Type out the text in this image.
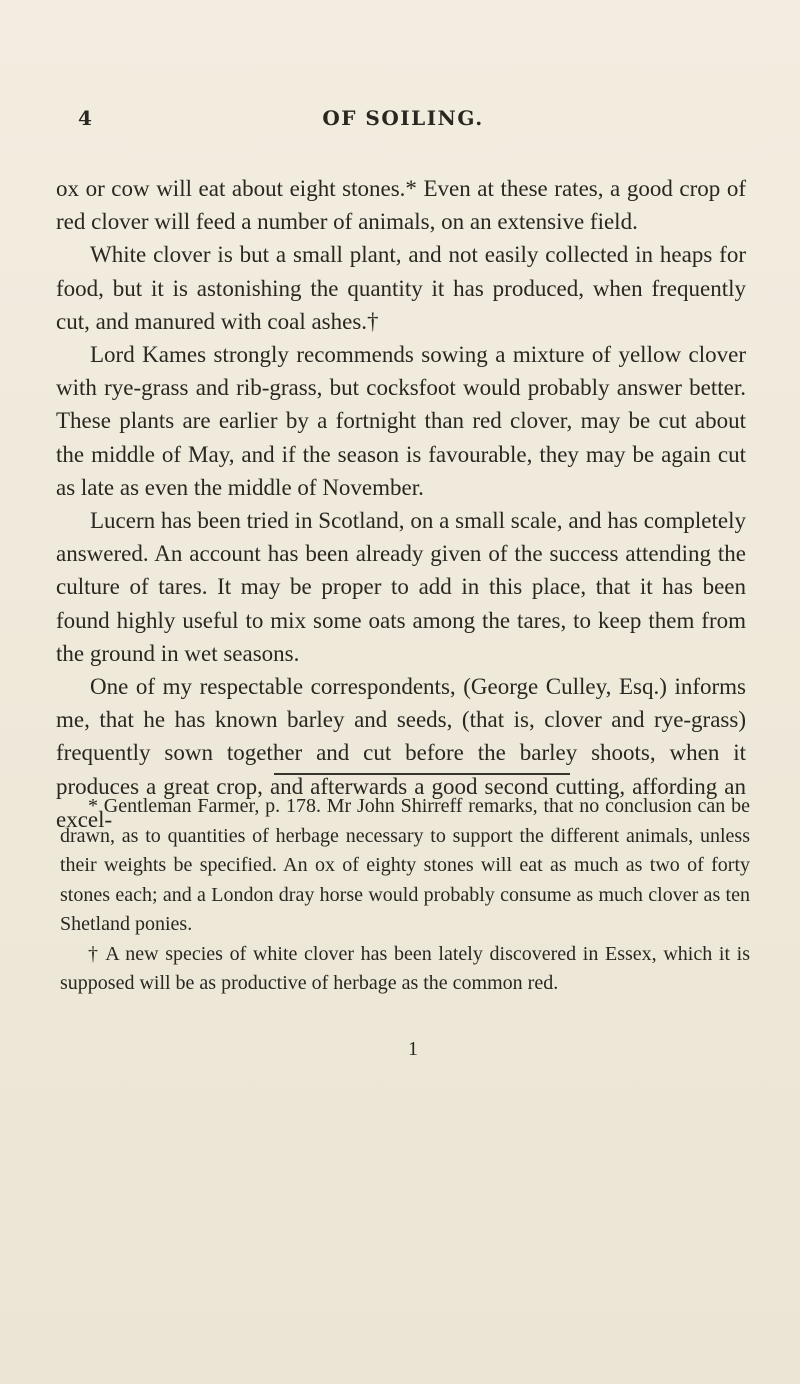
4	OF SOILING.

ox or cow will eat about eight stones.* Even at these rates, a good crop of red clover will feed a number of animals, on an extensive field.

White clover is but a small plant, and not easily collected in heaps for food, but it is astonishing the quantity it has produced, when frequently cut, and manured with coal ashes.†

Lord Kames strongly recommends sowing a mixture of yellow clover with rye-grass and rib-grass, but cocksfoot would probably answer better. These plants are earlier by a fortnight than red clover, may be cut about the middle of May, and if the season is favourable, they may be again cut as late as even the middle of November.

Lucern has been tried in Scotland, on a small scale, and has completely answered. An account has been already given of the success attending the culture of tares. It may be proper to add in this place, that it has been found highly useful to mix some oats among the tares, to keep them from the ground in wet seasons.

One of my respectable correspondents, (George Culley, Esq.) informs me, that he has known barley and seeds, (that is, clover and rye-grass) frequently sown together and cut before the barley shoots, when it produces a great crop, and afterwards a good second cutting, affording an excel-

* Gentleman Farmer, p. 178. Mr John Shirreff remarks, that no conclusion can be drawn, as to quantities of herbage necessary to support the different animals, unless their weights be specified. An ox of eighty stones will eat as much as two of forty stones each; and a London dray horse would probably consume as much clover as ten Shetland ponies.

† A new species of white clover has been lately discovered in Essex, which it is supposed will be as productive of herbage as the common red.

1
